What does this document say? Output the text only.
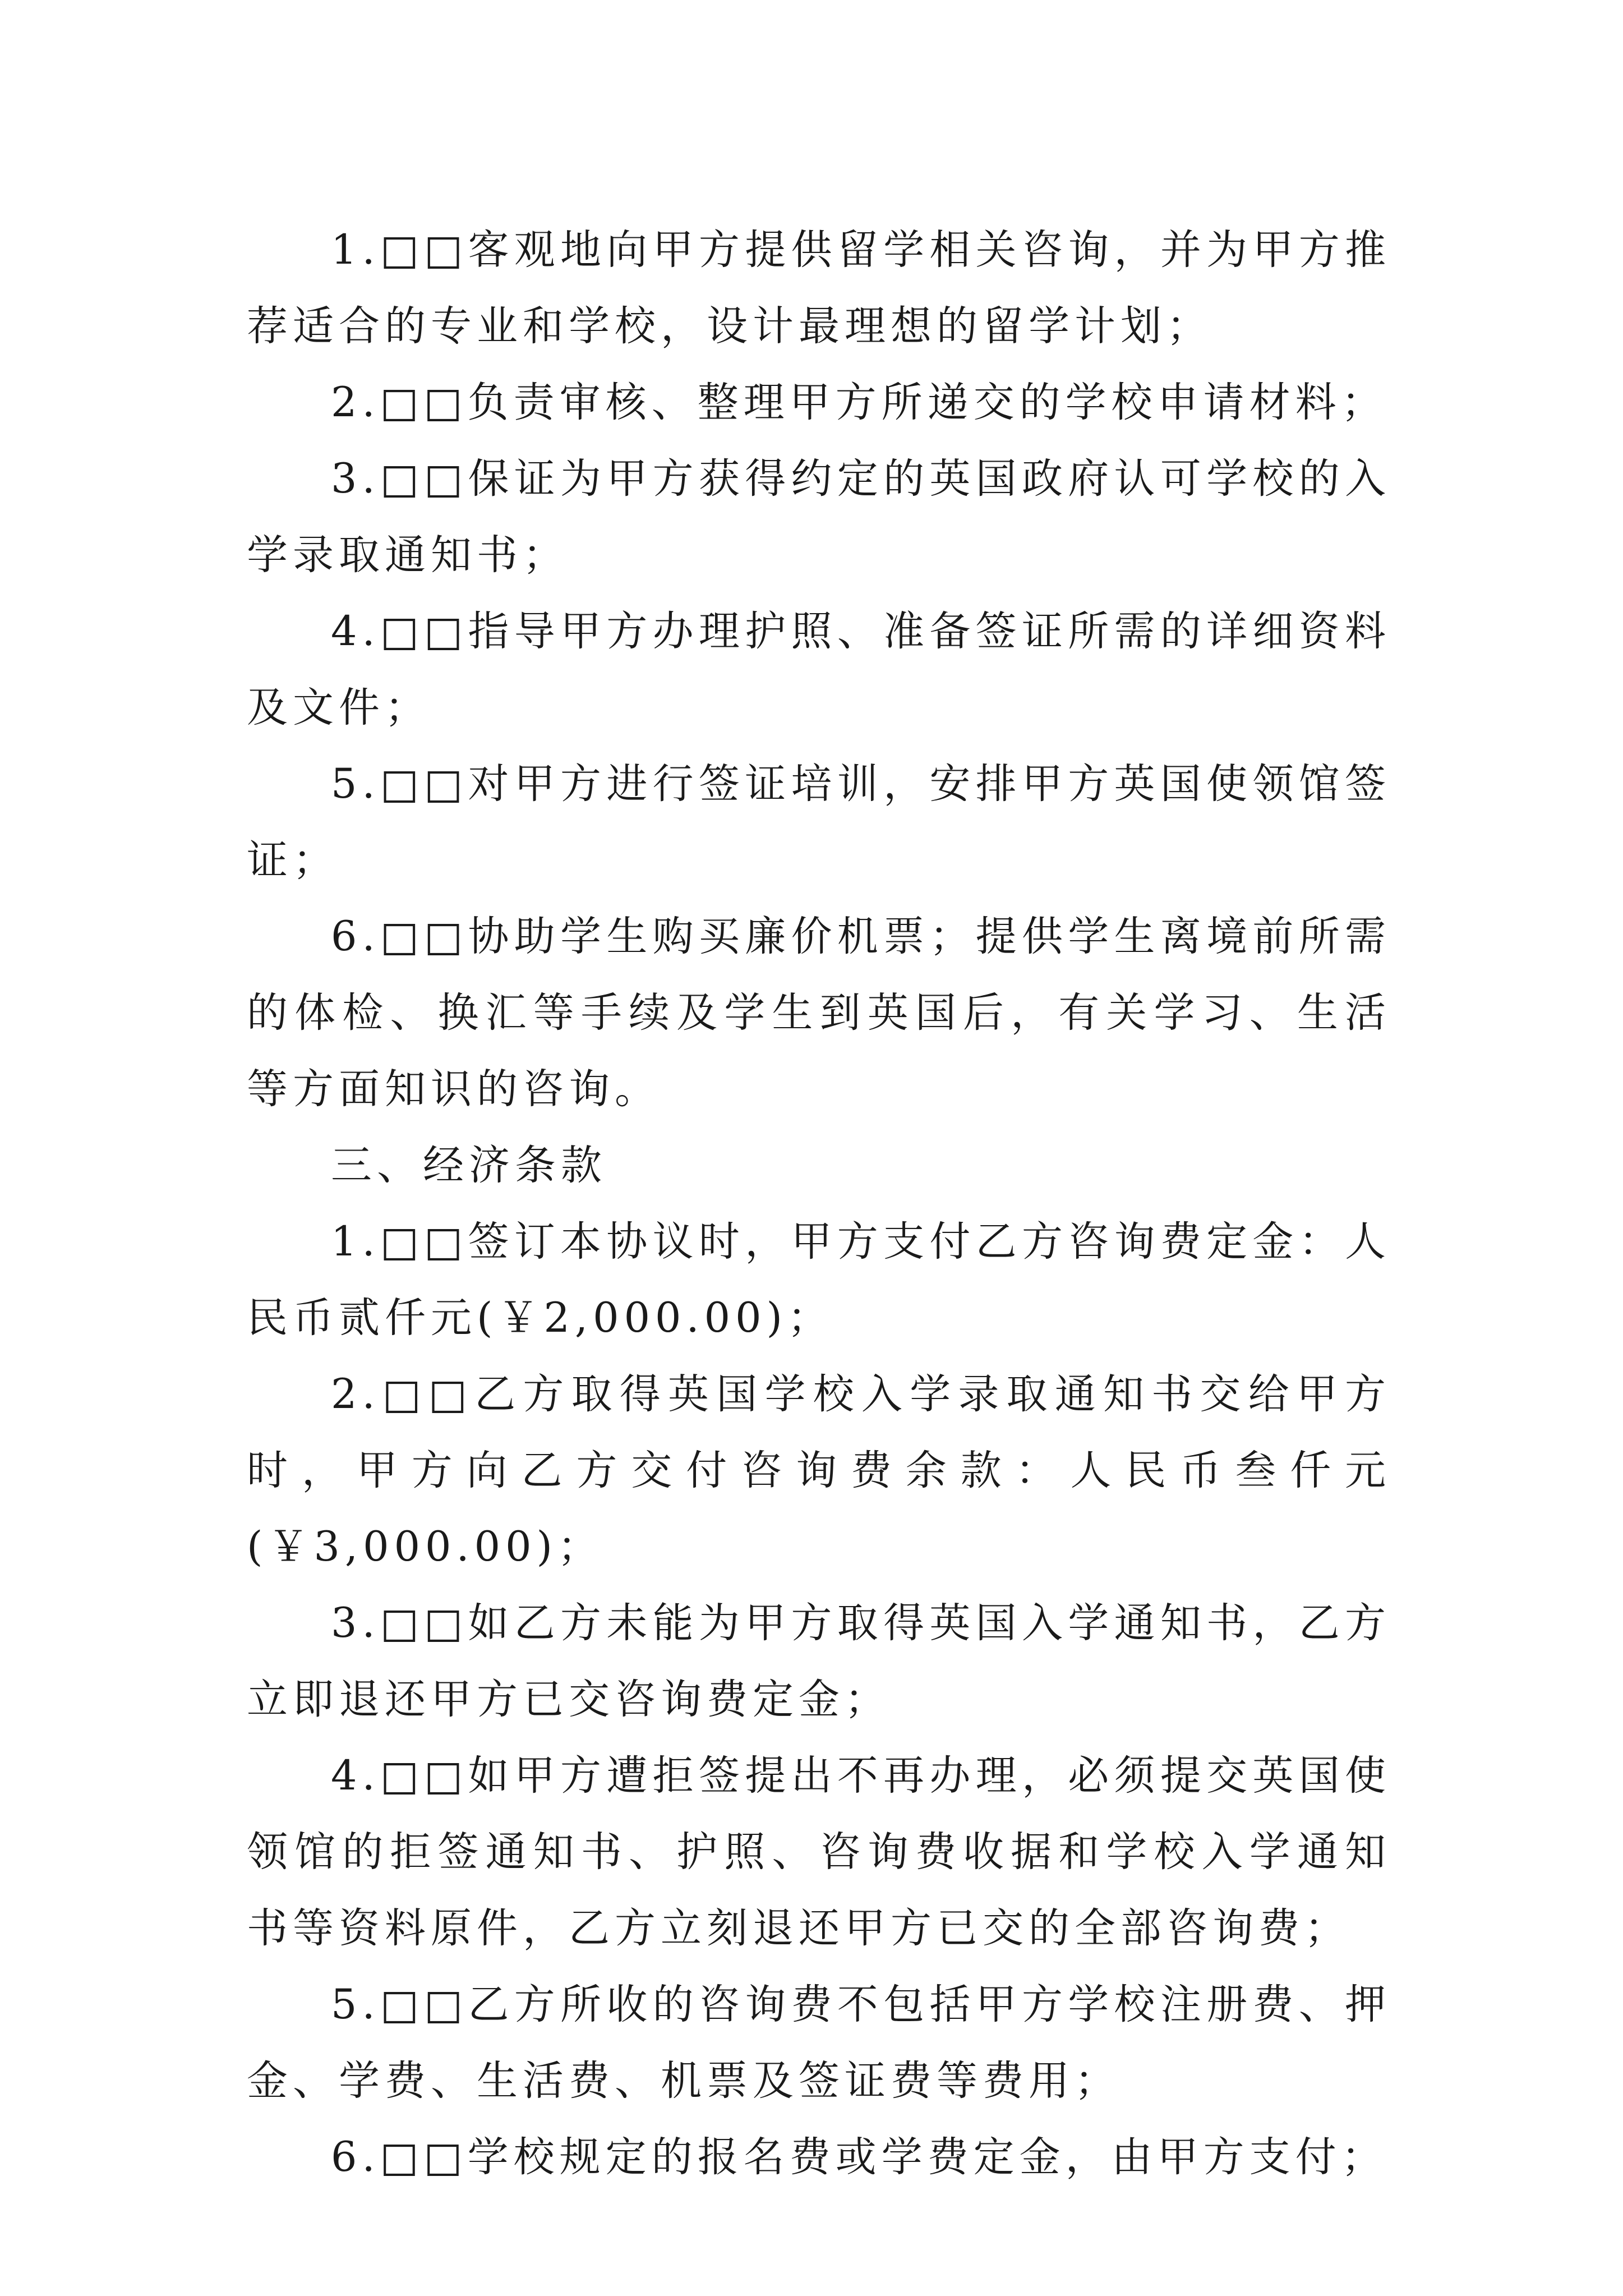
1.□□客观地向甲方提供留学相关咨询，并为甲方推荐适合的专业和学校，设计最理想的留学计划；

2.□□负责审核、整理甲方所递交的学校申请材料；

3.□□保证为甲方获得约定的英国政府认可学校的入学录取通知书；

4.□□指导甲方办理护照、准备签证所需的详细资料及文件；

5.□□对甲方进行签证培训，安排甲方英国使领馆签证；

6.□□协助学生购买廉价机票；提供学生离境前所需的体检、换汇等手续及学生到英国后，有关学习、生活等方面知识的咨询。

三、经济条款

1.□□签订本协议时，甲方支付乙方咨询费定金：人民币贰仟元(￥2,000.00)；

2.□□乙方取得英国学校入学录取通知书交给甲方时，甲方向乙方交付咨询费余款：人民币叁仟元(￥3,000.00)；

3.□□如乙方未能为甲方取得英国入学通知书，乙方立即退还甲方已交咨询费定金；

4.□□如甲方遭拒签提出不再办理，必须提交英国使领馆的拒签通知书、护照、咨询费收据和学校入学通知书等资料原件，乙方立刻退还甲方已交的全部咨询费；

5.□□乙方所收的咨询费不包括甲方学校注册费、押金、学费、生活费、机票及签证费等费用；

6.□□学校规定的报名费或学费定金，由甲方支付；
